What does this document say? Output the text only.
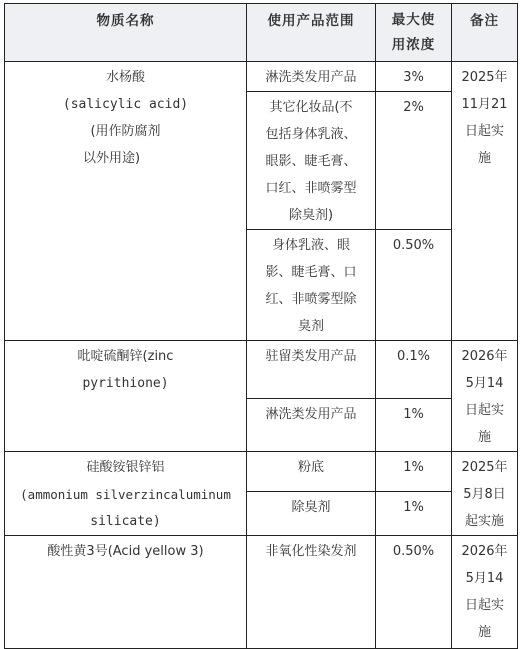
物质名称	使用产品范围	最大使
用浓度	备注

水杨酸
(salicylic acid)
(用作防腐剂
以外用途)	淋洗类发用产品	3%	2025年
11月21
日起实
施

	其它化妆品(不
包括身体乳液、
眼影、睫毛膏、
口红、非喷雾型
除臭剂)	2%	

	身体乳液、眼
影、睫毛膏、口
红、非喷雾型除
臭剂	0.50%	

吡啶硫酮锌(zinc
pyrithione)	驻留类发用产品	0.1%	2026年
5月14
日起实
施

	淋洗类发用产品	1%	

硅酸铵银锌铝
(ammonium silverzincaluminum
silicate)	粉底	1%	2025年
5月8日
起实施

	除臭剂	1%	

酸性黄3号(Acid yellow 3)	非氧化性染发剂	0.50%	2026年
5月14
日起实
施
